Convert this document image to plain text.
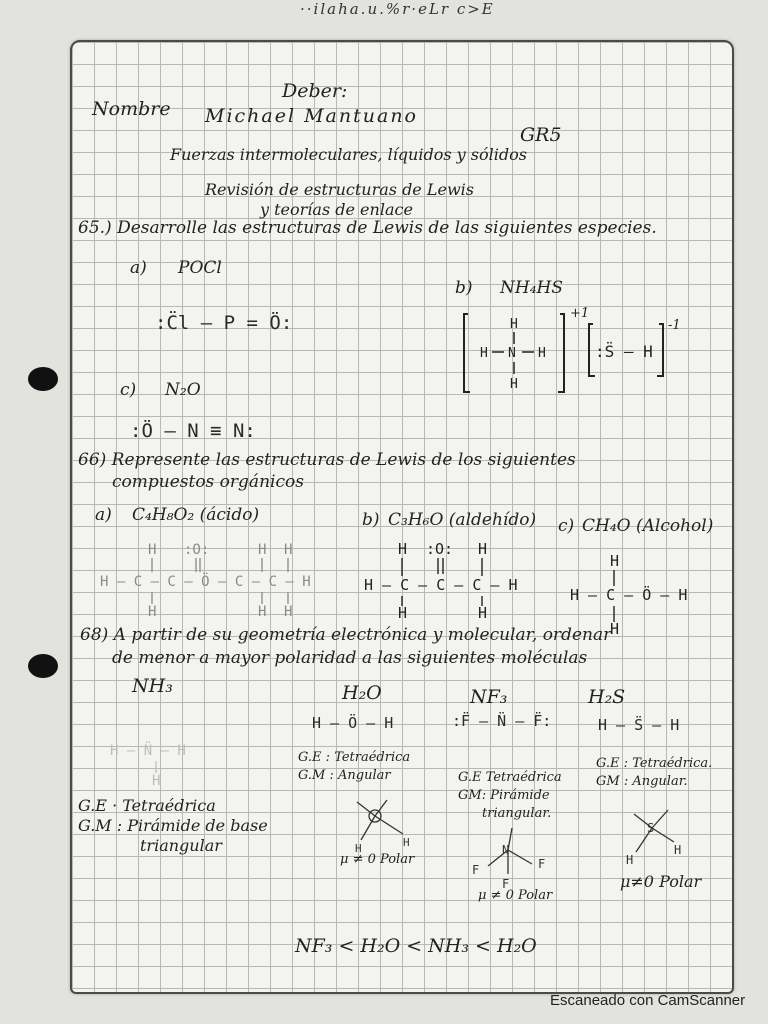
··ilaha.u.%r·eLr c>E
Deber:
Nombre Michael Mantuano
GR5
Fuerzas intermoleculares, líquidos y sólidos
Revisión de estructuras de Lewis
y teorías de enlace
65.) Desarrolle las estructuras de Lewis de las siguientes especies.
a) POCl
:C̈l – P = Ö:
b) NH₄HS
H
H N H
H
+1
:S̈ – H
-1
c) N₂O
:Ö – N ≡ N:
66) Represente las estructuras de Lewis de los siguientes
compuestos orgánicos
a) C₄H₈O₂ (ácido)	b) C₃H₆O (aldehído) c) CH₄O (Alcohol)
H :O:	H H
H – C – C – Ö – C – C – H
H	H H
H :O: H
H – C – C – C – H
H	H
H
H – C – Ö – H
H
68) A partir de su geometría electrónica y molecular, ordenar
de menor a mayor polaridad a las siguientes moléculas
NH₃	H₂O	NF₃	H₂S
H – N̈ – H
H
H – Ö – H	:F̈ – N̈ – F̈:	H – S̈ – H
G.E · Tetraédrica
G.M : Pirámide de base
triangular
G.E : Tetraédrica
G.M : Angular	G.E Tetraédrica
GM: Pirámide
triangular.
G.E : Tetraédrica.
GM : Angular.
H	H
μ ≠ 0 Polar
N
F
F
F
μ ≠ 0 Polar
S
H
H
μ≠0 Polar
NF₃ < H₂O < NH₃ < H₂O
Escaneado con CamScanner
